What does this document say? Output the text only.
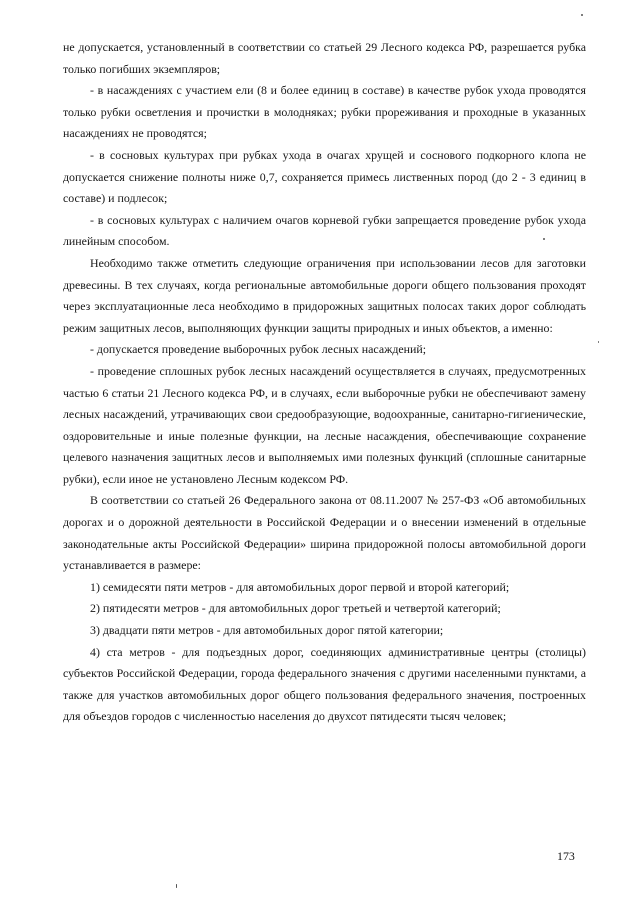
не допускается, установленный в соответствии со статьей 29 Лесного кодекса РФ, разрешается рубка только погибших экземпляров;

- в насаждениях с участием ели (8 и более единиц в составе) в качестве рубок ухода проводятся только рубки осветления и прочистки в молодняках; рубки прореживания и проходные в указанных насаждениях не проводятся;

- в сосновых культурах при рубках ухода в очагах хрущей и соснового подкорного клопа не допускается снижение полноты ниже 0,7, сохраняется примесь лиственных пород (до 2 - 3 единиц в составе) и подлесок;

- в сосновых культурах с наличием очагов корневой губки запрещается проведение рубок ухода линейным способом.

Необходимо также отметить следующие ограничения при использовании лесов для заготовки древесины. В тех случаях, когда региональные автомобильные дороги общего пользования проходят через эксплуатационные леса необходимо в придорожных защитных полосах таких дорог соблюдать режим защитных лесов, выполняющих функции защиты природных и иных объектов, а именно:

- допускается проведение выборочных рубок лесных насаждений;

- проведение сплошных рубок лесных насаждений осуществляется в случаях, предусмотренных частью 6 статьи 21 Лесного кодекса РФ, и в случаях, если выборочные рубки не обеспечивают замену лесных насаждений, утрачивающих свои средообразующие, водоохранные, санитарно-гигиенические, оздоровительные и иные полезные функции, на лесные насаждения, обеспечивающие сохранение целевого назначения защитных лесов и выполняемых ими полезных функций (сплошные санитарные рубки), если иное не установлено Лесным кодексом РФ.

В соответствии со статьей 26 Федерального закона от 08.11.2007 № 257-ФЗ «Об автомобильных дорогах и о дорожной деятельности в Российской Федерации и о внесении изменений в отдельные законодательные акты Российской Федерации» ширина придорожной полосы автомобильной дороги устанавливается в размере:

1) семидесяти пяти метров - для автомобильных дорог первой и второй категорий;

2) пятидесяти метров - для автомобильных дорог третьей и четвертой категорий;

3) двадцати пяти метров - для автомобильных дорог пятой категории;

4) ста метров - для подъездных дорог, соединяющих административные центры (столицы) субъектов Российской Федерации, города федерального значения с другими населенными пунктами, а также для участков автомобильных дорог общего пользования федерального значения, построенных для объездов городов с численностью населения до двухсот пятидесяти тысяч человек;

173
